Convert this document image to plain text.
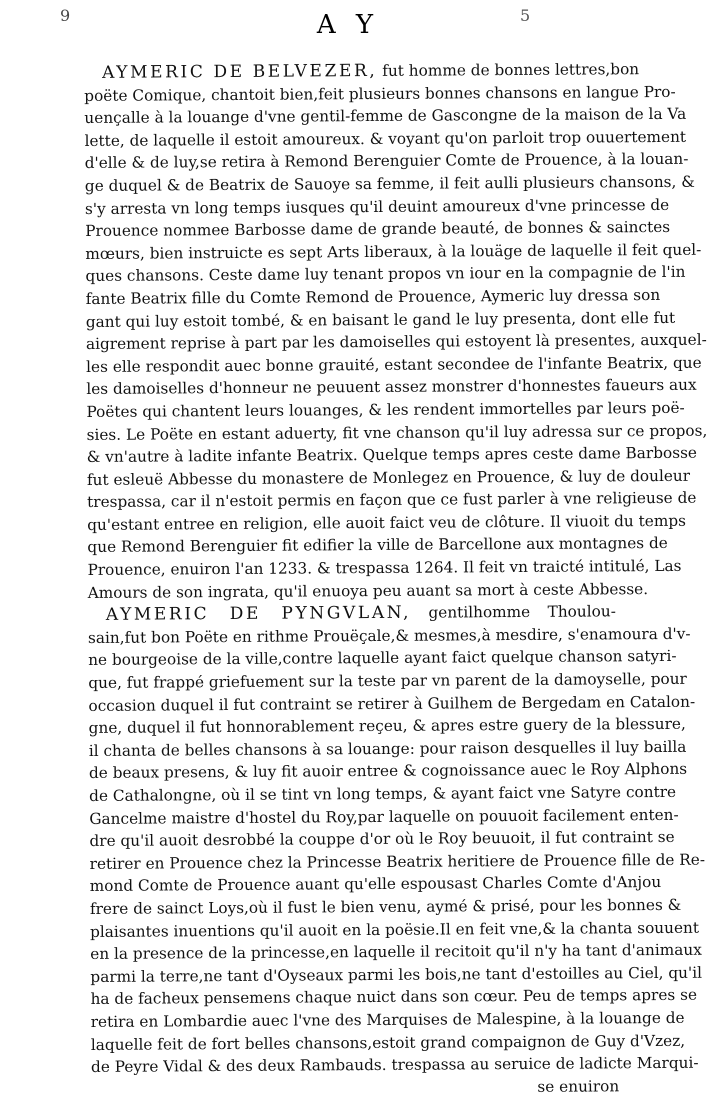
9	A Y	5
AYMERIC DE BELVEZER, fut homme de bonnes lettres,bon
poëte Comique, chantoit bien,feit plusieurs bonnes chansons en langue Pro-
uençalle à la louange d'vne gentil-femme de Gascongne de la maison de la Va
lette, de laquelle il estoit amoureux. & voyant qu'on parloit trop ouuertement
d'elle & de luy,se retira à Remond Berenguier Comte de Prouence, à la louan-
ge duquel & de Beatrix de Sauoye sa femme, il feit aulli plusieurs chansons, &
s'y arresta vn long temps iusques qu'il deuint amoureux d'vne princesse de
Prouence nommee Barbosse dame de grande beauté, de bonnes & sainctes
mœurs, bien instruicte es sept Arts liberaux, à la louäge de laquelle il feit quel-
ques chansons. Ceste dame luy tenant propos vn iour en la compagnie de l'in
fante Beatrix fille du Comte Remond de Prouence, Aymeric luy dressa son
gant qui luy estoit tombé, & en baisant le gand le luy presenta, dont elle fut
aigrement reprise à part par les damoiselles qui estoyent là presentes, auxquel-
les elle respondit auec bonne grauité, estant secondee de l'infante Beatrix, que
les damoiselles d'honneur ne peuuent assez monstrer d'honnestes faueurs aux
Poëtes qui chantent leurs louanges, & les rendent immortelles par leurs poë-
sies. Le Poëte en estant aduerty, fit vne chanson qu'il luy adressa sur ce propos,
& vn'autre à ladite infante Beatrix. Quelque temps apres ceste dame Barbosse
fut esleuë Abbesse du monastere de Monlegez en Prouence, & luy de douleur
trespassa, car il n'estoit permis en façon que ce fust parler à vne religieuse de
qu'estant entree en religion, elle auoit faict veu de clôture. Il viuoit du temps
que Remond Berenguier fit edifier la ville de Barcellone aux montagnes de
Prouence, enuiron l'an 1233. & trespassa 1264. Il feit vn traicté intitulé, Las
Amours de son ingrata, qu'il enuoya peu auant sa mort à ceste Abbesse.
AYMERIC DE PYNGVLAN, gentilhomme Thoulou-
sain,fut bon Poëte en rithme Prouëçale,& mesmes,à mesdire, s'enamoura d'v-
ne bourgeoise de la ville,contre laquelle ayant faict quelque chanson satyri-
que, fut frappé griefuement sur la teste par vn parent de la damoyselle, pour
occasion duquel il fut contraint se retirer à Guilhem de Bergedam en Catalon-
gne, duquel il fut honnorablement reçeu, & apres estre guery de la blessure,
il chanta de belles chansons à sa louange: pour raison desquelles il luy bailla
de beaux presens, & luy fit auoir entree & cognoissance auec le Roy Alphons
de Cathalongne, où il se tint vn long temps, & ayant faict vne Satyre contre
Gancelme maistre d'hostel du Roy,par laquelle on pouuoit facilement enten-
dre qu'il auoit desrobbé la couppe d'or où le Roy beuuoit, il fut contraint se
retirer en Prouence chez la Princesse Beatrix heritiere de Prouence fille de Re-
mond Comte de Prouence auant qu'elle espousast Charles Comte d'Anjou
frere de sainct Loys,où il fust le bien venu, aymé & prisé, pour les bonnes &
plaisantes inuentions qu'il auoit en la poësie.Il en feit vne,& la chanta souuent
en la presence de la princesse,en laquelle il recitoit qu'il n'y ha tant d'animaux
parmi la terre,ne tant d'Oyseaux parmi les bois,ne tant d'estoilles au Ciel, qu'il
ha de facheux pensemens chaque nuict dans son cœur. Peu de temps apres se
retira en Lombardie auec l'vne des Marquises de Malespine, à la louange de
laquelle feit de fort belles chansons,estoit grand compaignon de Guy d'Vzez,
de Peyre Vidal & des deux Rambauds. trespassa au seruice de ladicte Marqui-
se enuiron
